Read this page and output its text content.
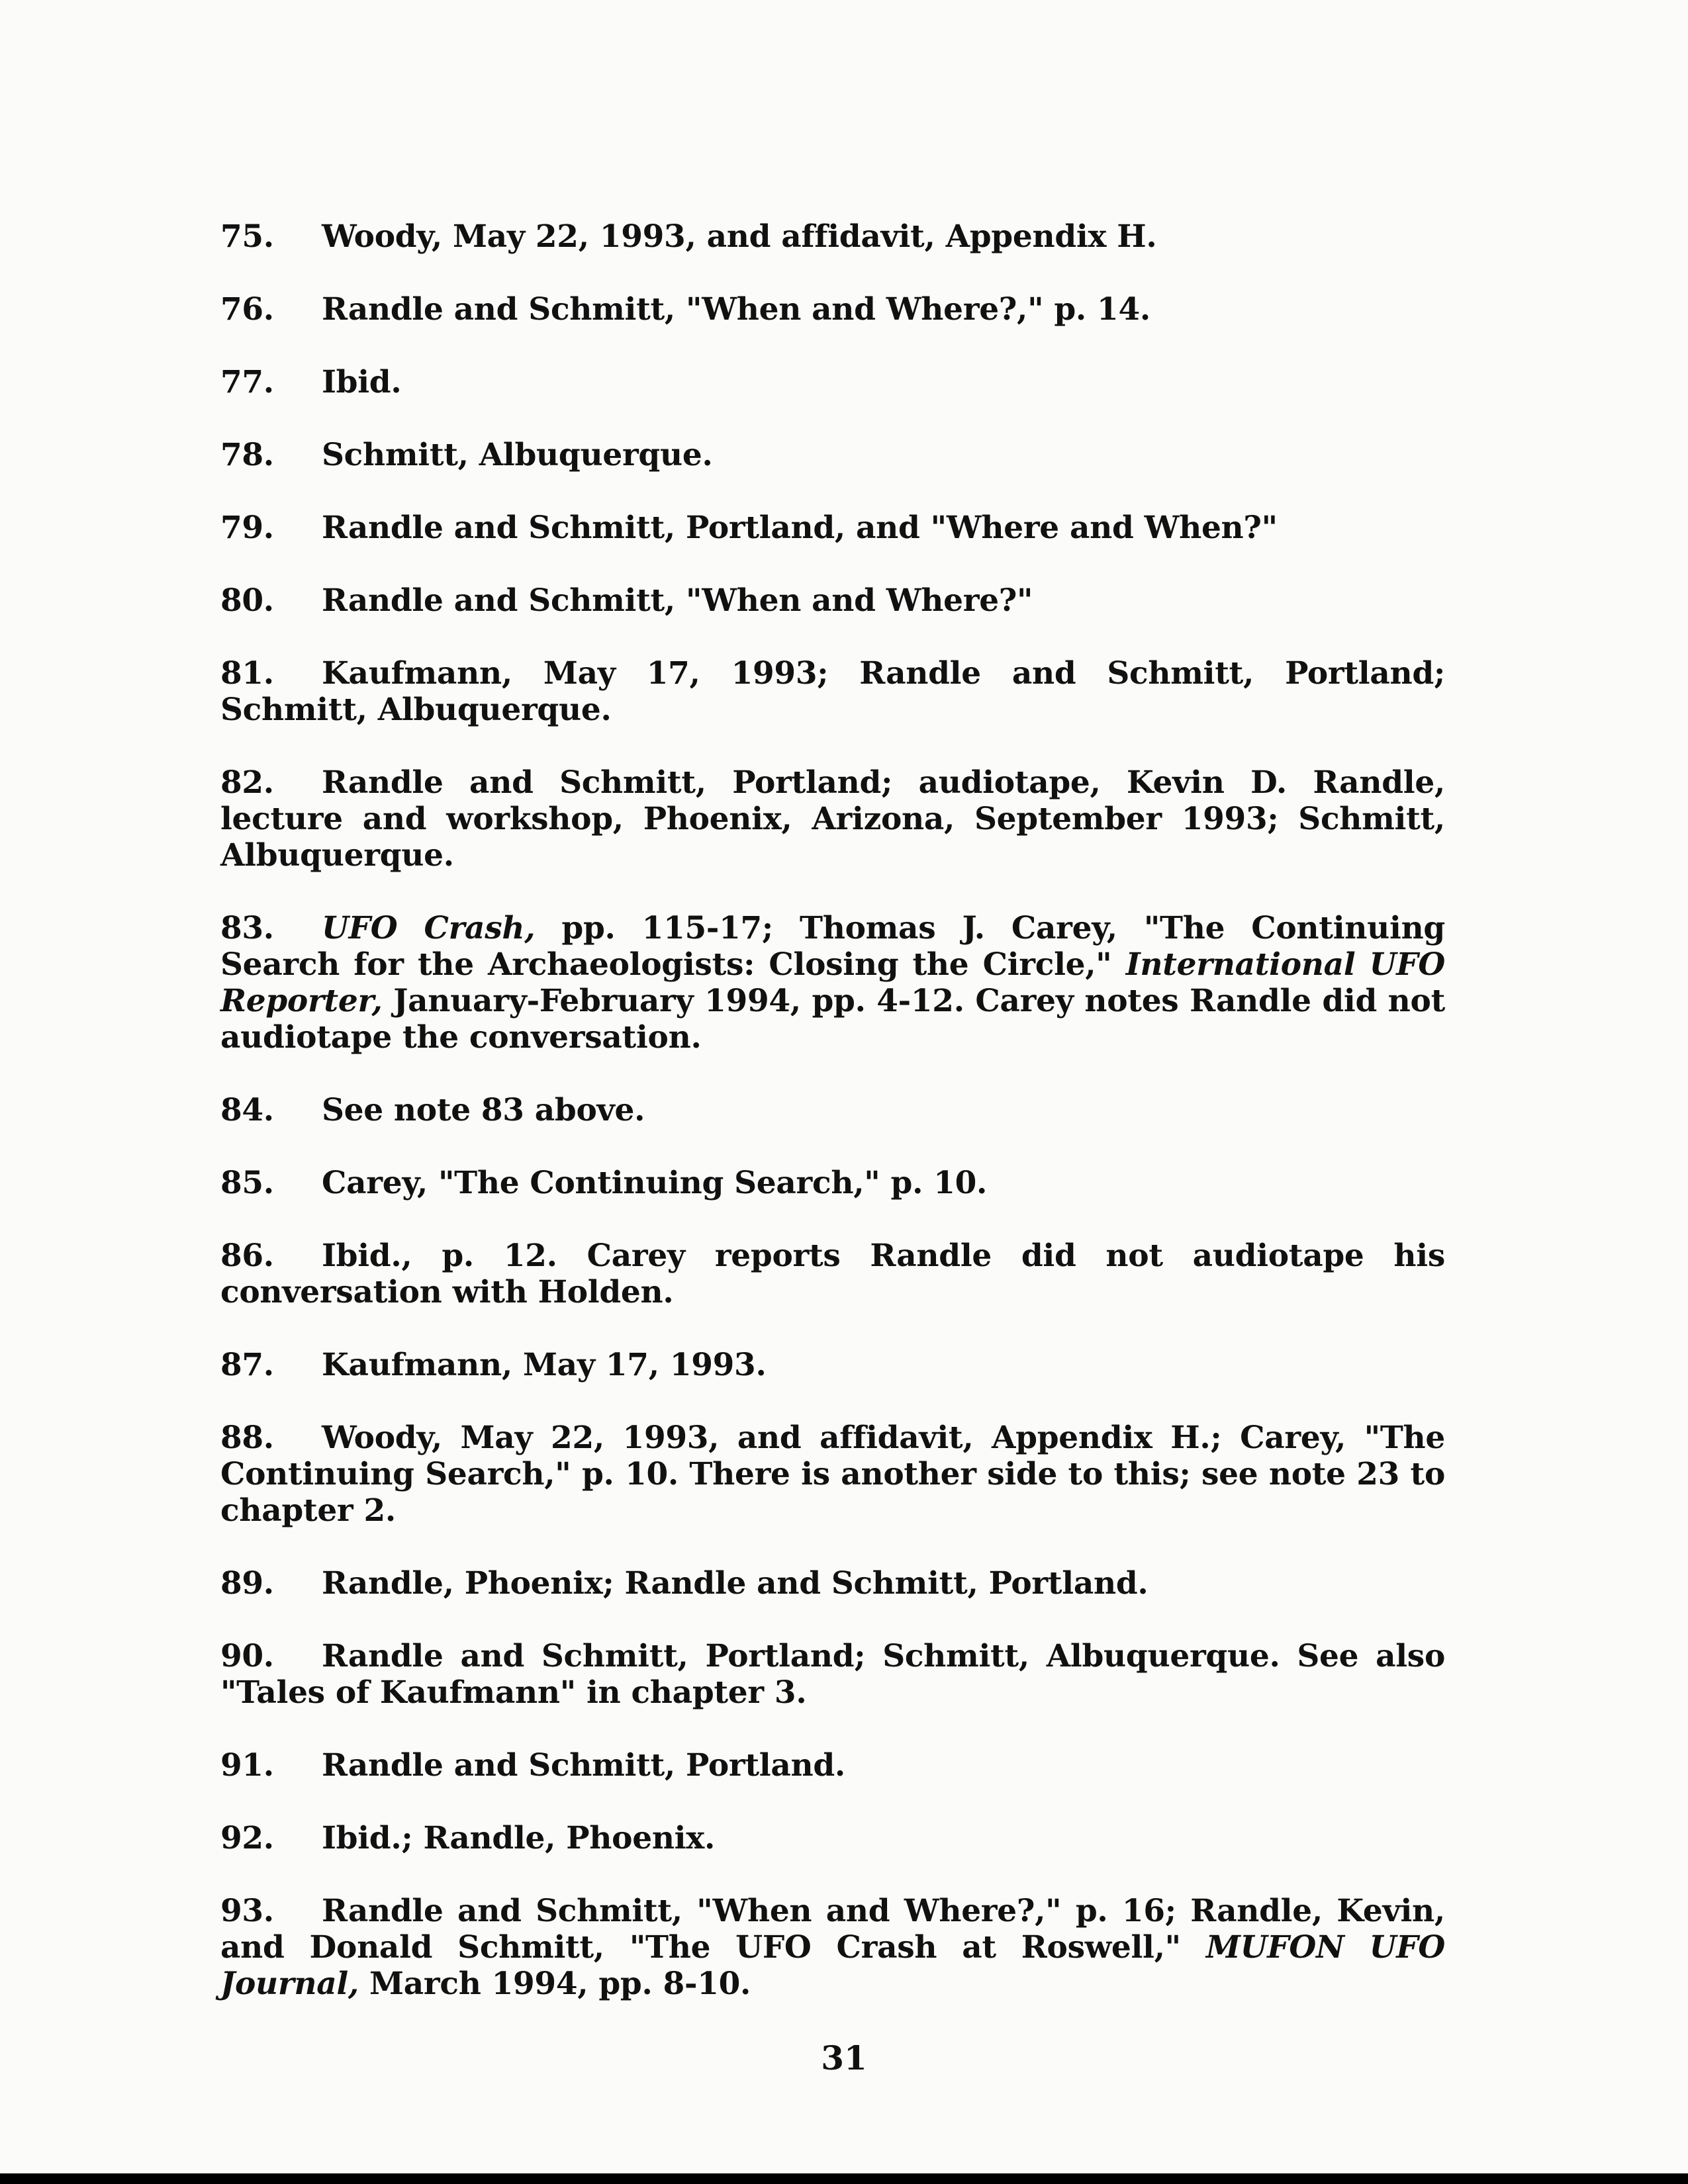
75. Woody, May 22, 1993, and affidavit, Appendix H.

76. Randle and Schmitt, "When and Where?," p. 14.

77. Ibid.

78. Schmitt, Albuquerque.

79. Randle and Schmitt, Portland, and "Where and When?"

80. Randle and Schmitt, "When and Where?"

81. Kaufmann, May 17, 1993; Randle and Schmitt, Portland; Schmitt, Albuquerque.

82. Randle and Schmitt, Portland; audiotape, Kevin D. Randle, lecture and workshop, Phoenix, Arizona, September 1993; Schmitt, Albuquerque.

83. UFO Crash, pp. 115-17; Thomas J. Carey, "The Continuing Search for the Archaeologists: Closing the Circle," International UFO Reporter, January-February 1994, pp. 4-12. Carey notes Randle did not audiotape the conversation.

84. See note 83 above.

85. Carey, "The Continuing Search," p. 10.

86. Ibid., p. 12. Carey reports Randle did not audiotape his conversation with Holden.

87. Kaufmann, May 17, 1993.

88. Woody, May 22, 1993, and affidavit, Appendix H.; Carey, "The Continuing Search," p. 10. There is another side to this; see note 23 to chapter 2.

89. Randle, Phoenix; Randle and Schmitt, Portland.

90. Randle and Schmitt, Portland; Schmitt, Albuquerque. See also "Tales of Kaufmann" in chapter 3.

91. Randle and Schmitt, Portland.

92. Ibid.; Randle, Phoenix.

93. Randle and Schmitt, "When and Where?," p. 16; Randle, Kevin, and Donald Schmitt, "The UFO Crash at Roswell," MUFON UFO Journal, March 1994, pp. 8-10.

31
